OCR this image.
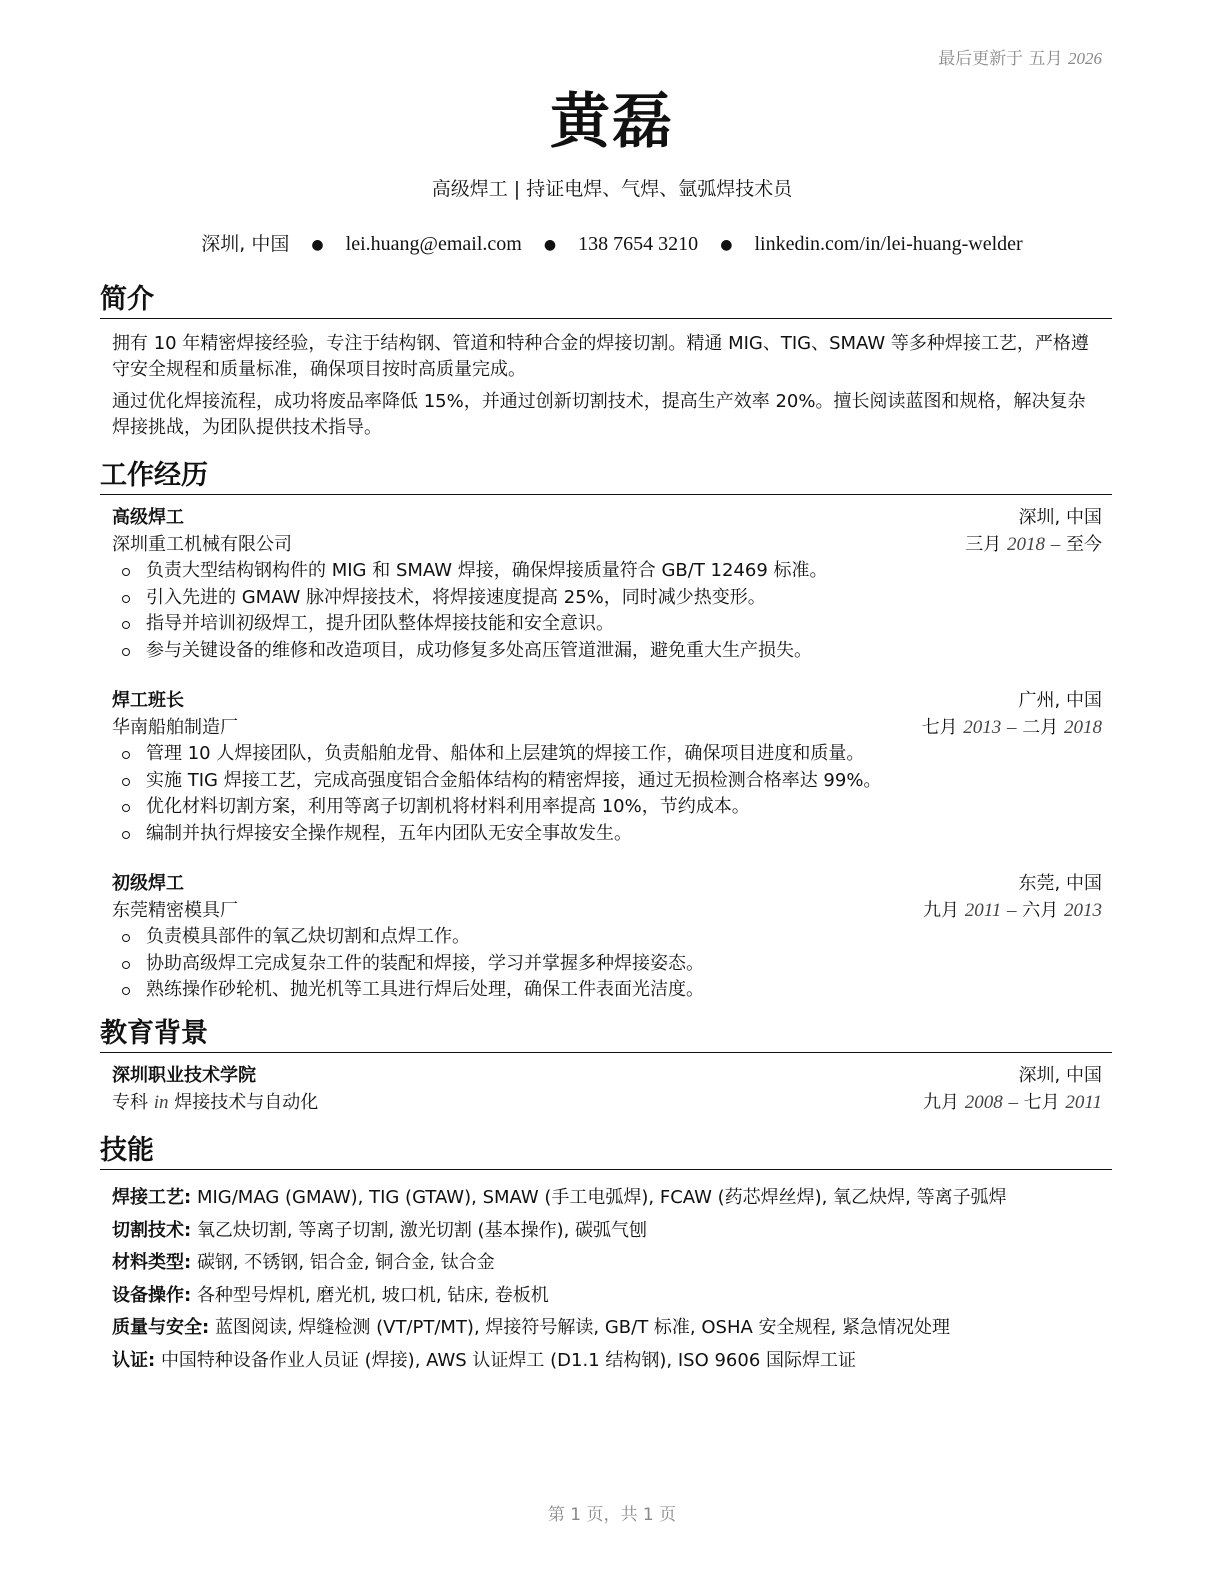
最后更新于 五月 2026
黄磊
高级焊工 | 持证电焊、气焊、氩弧焊技术员
深圳, 中国 ● lei.huang@email.com ● 138 7654 3210 ● linkedin.com/in/lei-huang-welder
简介

拥有 10 年精密焊接经验，专注于结构钢、管道和特种合金的焊接切割。精通 MIG、TIG、SMAW 等多种焊接工艺，严格遵守安全规程和质量标准，确保项目按时高质量完成。

通过优化焊接流程，成功将废品率降低 15%，并通过创新切割技术，提高生产效率 20%。擅长阅读蓝图和规格，解决复杂焊接挑战，为团队提供技术指导。

工作经历
高级焊工	深圳, 中国
深圳重工机械有限公司	三月 2018 – 至今
负责大型结构钢构件的 MIG 和 SMAW 焊接，确保焊接质量符合 GB/T 12469 标准。
引入先进的 GMAW 脉冲焊接技术，将焊接速度提高 25%，同时减少热变形。
指导并培训初级焊工，提升团队整体焊接技能和安全意识。
参与关键设备的维修和改造项目，成功修复多处高压管道泄漏，避免重大生产损失。
焊工班长	广州, 中国
华南船舶制造厂	七月 2013 – 二月 2018
管理 10 人焊接团队，负责船舶龙骨、船体和上层建筑的焊接工作，确保项目进度和质量。
实施 TIG 焊接工艺，完成高强度铝合金船体结构的精密焊接，通过无损检测合格率达 99%。
优化材料切割方案，利用等离子切割机将材料利用率提高 10%，节约成本。
编制并执行焊接安全操作规程，五年内团队无安全事故发生。
初级焊工	东莞, 中国
东莞精密模具厂	九月 2011 – 六月 2013
负责模具部件的氧乙炔切割和点焊工作。
协助高级焊工完成复杂工件的装配和焊接，学习并掌握多种焊接姿态。
熟练操作砂轮机、抛光机等工具进行焊后处理，确保工件表面光洁度。
教育背景
深圳职业技术学院	深圳, 中国
专科 in 焊接技术与自动化	九月 2008 – 七月 2011
技能
焊接工艺: MIG/MAG (GMAW), TIG (GTAW), SMAW (手工电弧焊), FCAW (药芯焊丝焊), 氧乙炔焊, 等离子弧焊
切割技术: 氧乙炔切割, 等离子切割, 激光切割 (基本操作), 碳弧气刨
材料类型: 碳钢, 不锈钢, 铝合金, 铜合金, 钛合金
设备操作: 各种型号焊机, 磨光机, 坡口机, 钻床, 卷板机
质量与安全: 蓝图阅读, 焊缝检测 (VT/PT/MT), 焊接符号解读, GB/T 标准, OSHA 安全规程, 紧急情况处理
认证: 中国特种设备作业人员证 (焊接), AWS 认证焊工 (D1.1 结构钢), ISO 9606 国际焊工证
第 1 页，共 1 页
